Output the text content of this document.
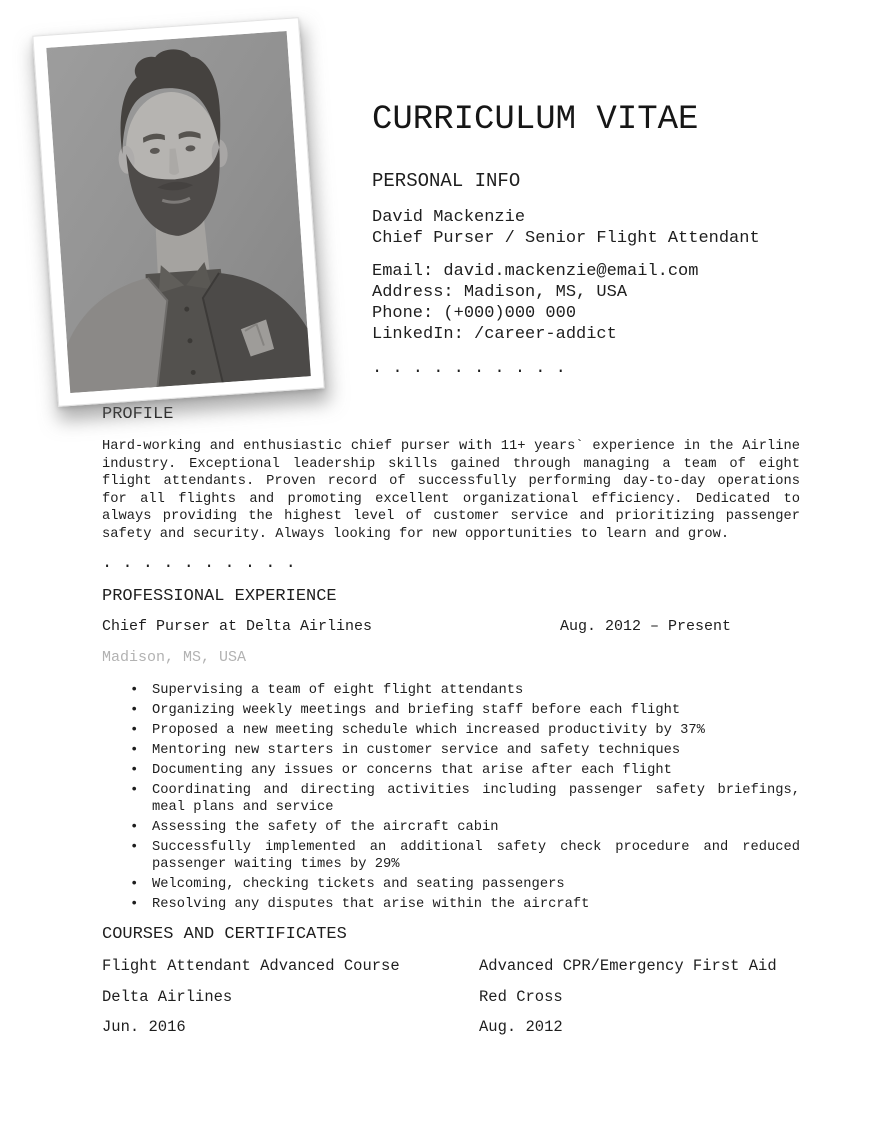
CURRICULUM VITAE
PERSONAL INFO
David Mackenzie
Chief Purser / Senior Flight Attendant
Email: david.mackenzie@email.com
Address: Madison, MS, USA
Phone: (+000)000 000
LinkedIn: /career-addict
. . . . . . . . . .
PROFILE

Hard-working and enthusiastic chief purser with 11+ years` experience in the Airline industry. Exceptional leadership skills gained through managing a team of eight flight attendants. Proven record of successfully performing day-to-day operations for all flights and promoting excellent organizational efficiency. Dedicated to always providing the highest level of customer service and prioritizing passenger safety and security. Always looking for new opportunities to learn and grow.

. . . . . . . . . .
PROFESSIONAL EXPERIENCE
Chief Purser at Delta Airlines	Aug. 2012 – Present
Madison, MS, USA
• Supervising a team of eight flight attendants
• Organizing weekly meetings and briefing staff before each flight
• Proposed a new meeting schedule which increased productivity by 37%
• Mentoring new starters in customer service and safety techniques
• Documenting any issues or concerns that arise after each flight
• Coordinating and directing activities including passenger safety briefings, meal plans and service
• Assessing the safety of the aircraft cabin
• Successfully implemented an additional safety check procedure and reduced passenger waiting times by 29%
• Welcoming, checking tickets and seating passengers
• Resolving any disputes that arise within the aircraft
COURSES AND CERTIFICATES
Flight Attendant Advanced Course	Advanced CPR/Emergency First Aid
Delta Airlines	Red Cross
Jun. 2016	Aug. 2012
